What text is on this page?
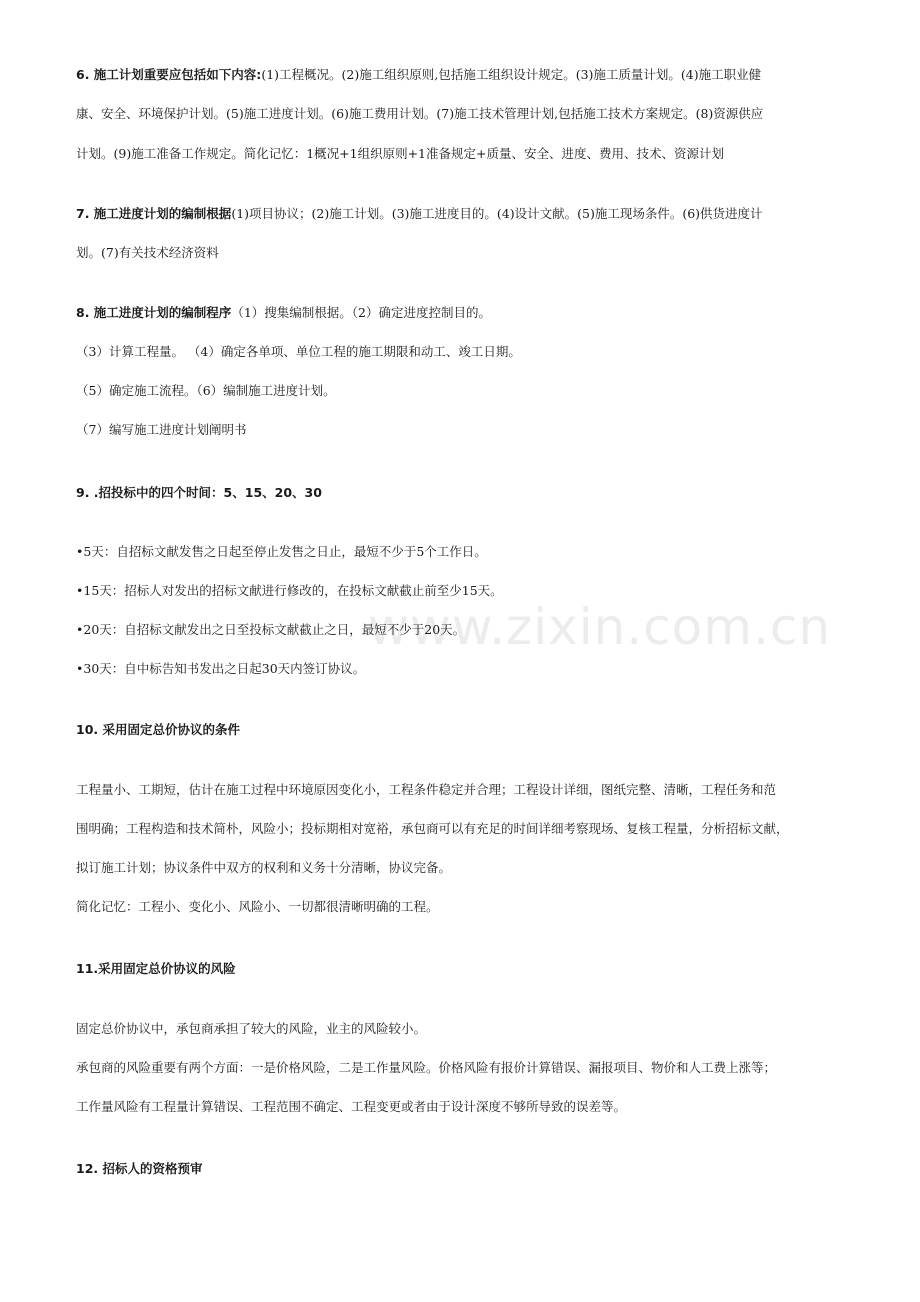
www.zixin.com.cn
6. 施工计划重要应包括如下内容:(1)工程概况。(2)施工组织原则,包括施工组织设计规定。(3)施工质量计划。(4)施工职业健
康、安全、环境保护计划。(5)施工进度计划。(6)施工费用计划。(7)施工技术管理计划,包括施工技术方案规定。(8)资源供应
计划。(9)施工准备工作规定。简化记忆：1概况+1组织原则+1准备规定+质量、安全、进度、费用、技术、资源计划
7. 施工进度计划的编制根据(1)项目协议；(2)施工计划。(3)施工进度目的。(4)设计文献。(5)施工现场条件。(6)供货进度计
划。(7)有关技术经济资料
8. 施工进度计划的编制程序（1）搜集编制根据。（2）确定进度控制目的。
（3）计算工程量。 （4）确定各单项、单位工程的施工期限和动工、竣工日期。
（5）确定施工流程。（6）编制施工进度计划。
（7）编写施工进度计划阐明书
9. .招投标中的四个时间：5、15、20、30
•5天：自招标文献发售之日起至停止发售之日止，最短不少于5个工作日。
•15天：招标人对发出的招标文献进行修改的，在投标文献截止前至少15天。
•20天：自招标文献发出之日至投标文献截止之日，最短不少于20天。
•30天：自中标告知书发出之日起30天内签订协议。
10. 采用固定总价协议的条件
工程量小、工期短，估计在施工过程中环境原因变化小，工程条件稳定并合理；工程设计详细，图纸完整、清晰，工程任务和范
围明确；工程构造和技术简朴，风险小；投标期相对宽裕，承包商可以有充足的时间详细考察现场、复核工程量，分析招标文献，
拟订施工计划；协议条件中双方的权利和义务十分清晰，协议完备。
简化记忆：工程小、变化小、风险小、一切都很清晰明确的工程。
11.采用固定总价协议的风险
固定总价协议中，承包商承担了较大的风险，业主的风险较小。
承包商的风险重要有两个方面：一是价格风险，二是工作量风险。价格风险有报价计算错误、漏报项目、物价和人工费上涨等；
工作量风险有工程量计算错误、工程范围不确定、工程变更或者由于设计深度不够所导致的误差等。
12. 招标人的资格预审
